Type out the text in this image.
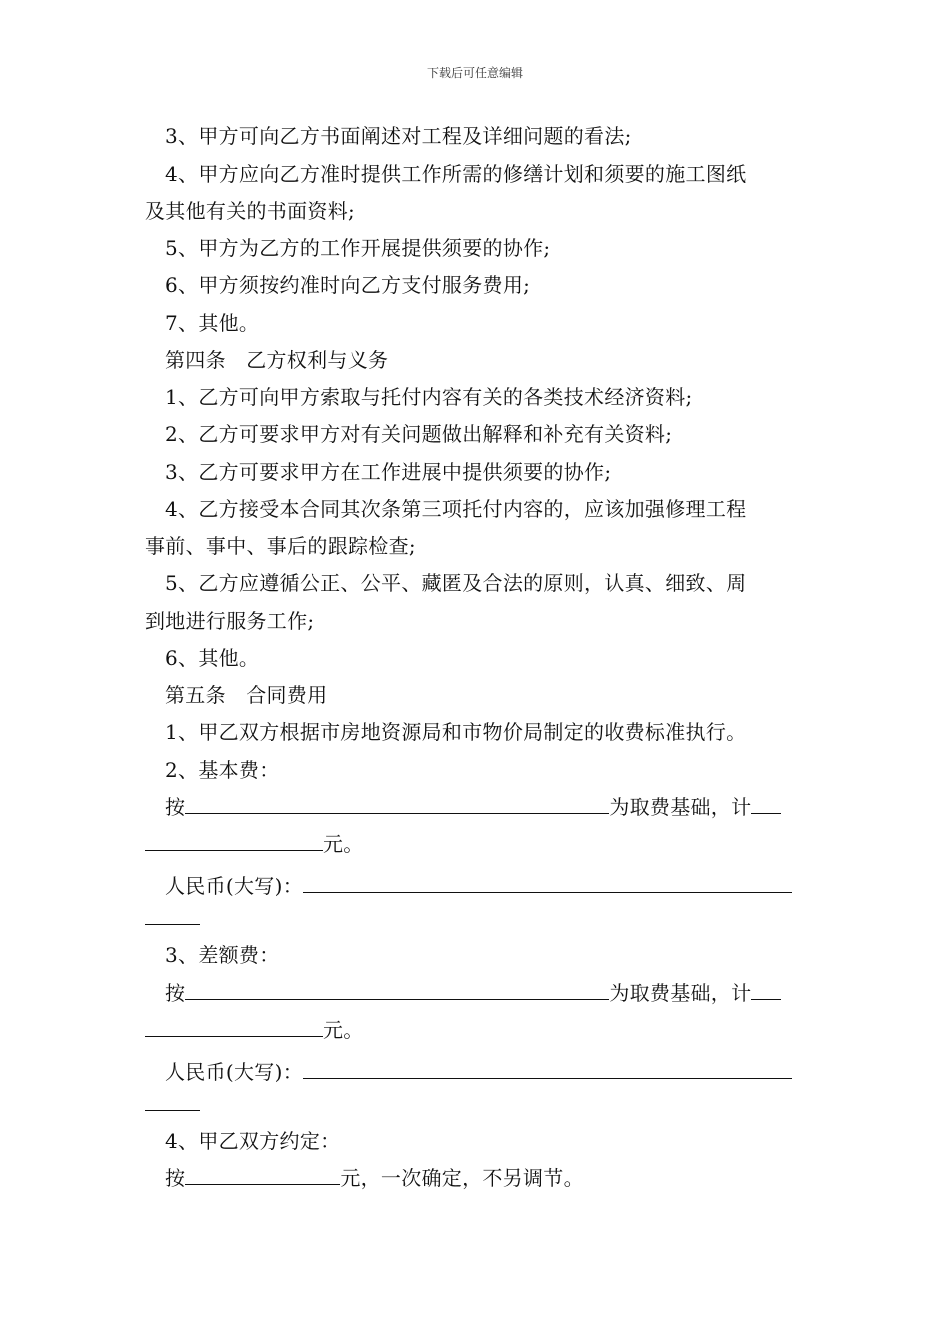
下载后可任意编辑
3、甲方可向乙方书面阐述对工程及详细问题的看法;
4、甲方应向乙方准时提供工作所需的修缮计划和须要的施工图纸
及其他有关的书面资料;
5、甲方为乙方的工作开展提供须要的协作;
6、甲方须按约准时向乙方支付服务费用;
7、其他。
第四条　乙方权利与义务
1、乙方可向甲方索取与托付内容有关的各类技术经济资料;
2、乙方可要求甲方对有关问题做出解释和补充有关资料;
3、乙方可要求甲方在工作进展中提供须要的协作;
4、乙方接受本合同其次条第三项托付内容的，应该加强修理工程
事前、事中、事后的跟踪检查;
5、乙方应遵循公正、公平、藏匿及合法的原则，认真、细致、周
到地进行服务工作;
6、其他。
第五条　合同费用
1、甲乙双方根据市房地资源局和市物价局制定的收费标准执行。
2、基本费：
按	为取费基础，计
元。
人民币(大写)：
3、差额费：
按	为取费基础，计
元。
人民币(大写)：
4、甲乙双方约定：
按	元，一次确定，不另调节。
